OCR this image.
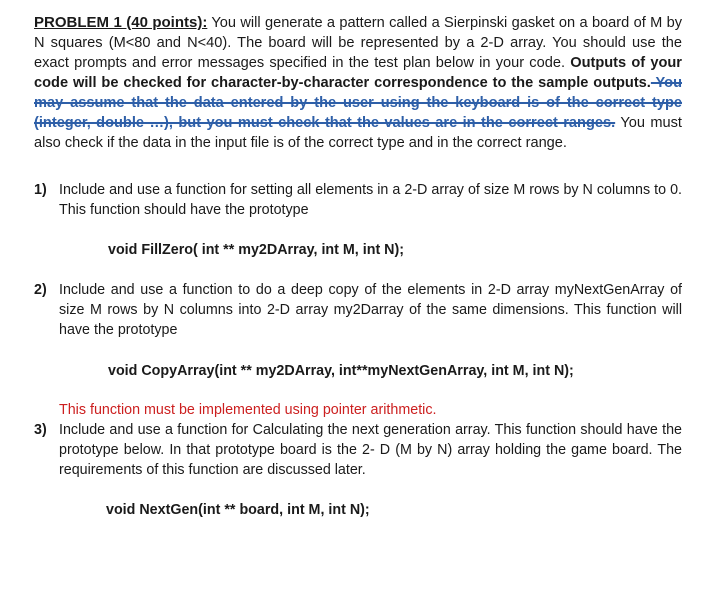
PROBLEM 1 (40 points): You will generate a pattern called a Sierpinski gasket on a board of M by N squares (M<80 and N<40). The board will be represented by a 2-D array. You should use the exact prompts and error messages specified in the test plan below in your code. Outputs of your code will be checked for character-by-character correspondence to the sample outputs. You may assume that the data entered by the user using the keyboard is of the correct type (integer, double …), but you must check that the values are in the correct ranges. You must also check if the data in the input file is of the correct type and in the correct range.
1) Include and use a function for setting all elements in a 2-D array of size M rows by N columns to 0. This function should have the prototype
void FillZero( int ** my2DArray, int M, int N);
2) Include and use a function to do a deep copy of the elements in 2-D array myNextGenArray of size M rows by N columns into 2-D array my2Darray of the same dimensions. This function will have the prototype
void CopyArray(int ** my2DArray, int**myNextGenArray, int M, int N);
This function must be implemented using pointer arithmetic.
3) Include and use a function for Calculating the next generation array. This function should have the prototype below. In that prototype board is the 2- D (M by N) array holding the game board. The requirements of this function are discussed later.
void NextGen(int ** board, int M, int N);
